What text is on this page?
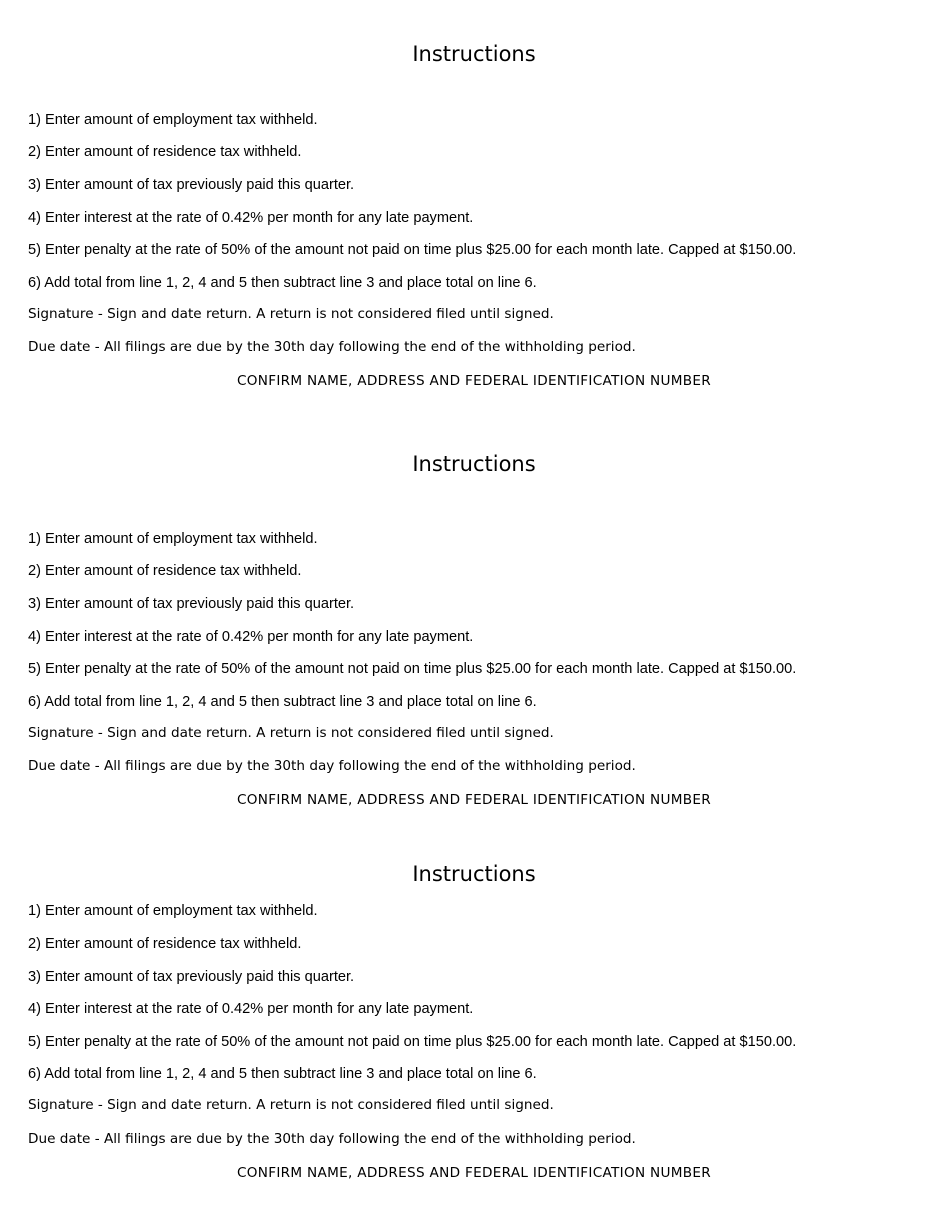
Instructions
1) Enter amount of employment tax withheld.
2) Enter amount of residence tax withheld.
3) Enter amount of tax previously paid this quarter.
4) Enter interest at the rate of 0.42% per month for any late payment.
5) Enter penalty at the rate of 50% of the amount not paid on time plus $25.00 for each month late. Capped at $150.00.
6) Add total from line 1, 2, 4 and 5 then subtract line 3 and place total on line 6.
Signature - Sign and date return. A return is not considered filed until signed.
Due date - All filings are due by the 30th day following the end of the withholding period.
CONFIRM NAME, ADDRESS AND FEDERAL IDENTIFICATION NUMBER
Instructions
1) Enter amount of employment tax withheld.
2) Enter amount of residence tax withheld.
3) Enter amount of tax previously paid this quarter.
4) Enter interest at the rate of 0.42% per month for any late payment.
5) Enter penalty at the rate of 50% of the amount not paid on time plus $25.00 for each month late. Capped at $150.00.
6) Add total from line 1, 2, 4 and 5 then subtract line 3 and place total on line 6.
Signature - Sign and date return. A return is not considered filed until signed.
Due date - All filings are due by the 30th day following the end of the withholding period.
CONFIRM NAME, ADDRESS AND FEDERAL IDENTIFICATION NUMBER
Instructions
1) Enter amount of employment tax withheld.
2) Enter amount of residence tax withheld.
3) Enter amount of tax previously paid this quarter.
4) Enter interest at the rate of 0.42% per month for any late payment.
5) Enter penalty at the rate of 50% of the amount not paid on time plus $25.00 for each month late. Capped at $150.00.
6) Add total from line 1, 2, 4 and 5 then subtract line 3 and place total on line 6.
Signature - Sign and date return. A return is not considered filed until signed.
Due date - All filings are due by the 30th day following the end of the withholding period.
CONFIRM NAME, ADDRESS AND FEDERAL IDENTIFICATION NUMBER
